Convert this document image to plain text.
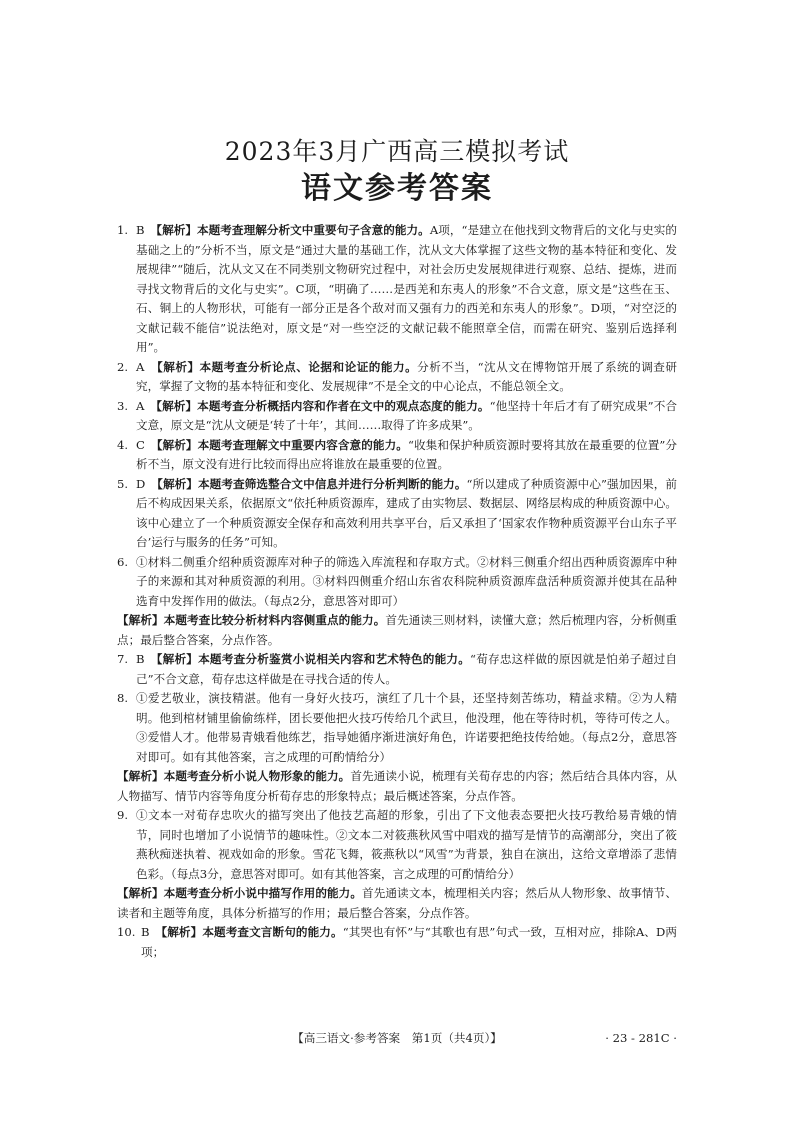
2023年3月广西高三模拟考试
语文参考答案
1. B　 【解析】本题考查理解分析文中重要句子含意的能力。A项，“是建立在他找到文物背后的文化与史实的基础之上的”分析不当，原文是“通过大量的基础工作，沈从文大体掌握了这些文物的基本特征和变化、发展规律”“随后，沈从文又在不同类别文物研究过程中，对社会历史发展规律进行观察、总结、提炼，进而寻找文物背后的文化与史实”。C项，“明确了……是西羌和东夷人的形象”不合文意，原文是“这些在玉、石、铜上的人物形状，可能有一部分正是各个敌对而又强有力的西羌和东夷人的形象”。D项，“对空泛的文献记载不能信”说法绝对，原文是“对一些空泛的文献记载不能照章全信，而需在研究、鉴别后选择利用”。
2. A　 【解析】本题考查分析论点、论据和论证的能力。分析不当，“沈从文在博物馆开展了系统的调查研究，掌握了文物的基本特征和变化、发展规律”不是全文的中心论点，不能总领全文。
3. A　 【解析】本题考查分析概括内容和作者在文中的观点态度的能力。“他坚持十年后才有了研究成果”不合文意，原文是“沈从文硬是‘转了十年’，其间……取得了许多成果”。
4. C　 【解析】本题考查理解文中重要内容含意的能力。“收集和保护种质资源时要将其放在最重要的位置”分析不当，原文没有进行比较而得出应将谁放在最重要的位置。
5. D　 【解析】本题考查筛选整合文中信息并进行分析判断的能力。“所以建成了种质资源中心”强加因果，前后不构成因果关系，依据原文“依托种质资源库，建成了由实物层、数据层、网络层构成的种质资源中心。该中心建立了一个种质资源安全保存和高效利用共享平台，后又承担了‘国家农作物种质资源平台山东子平台’运行与服务的任务”可知。
6. ①材料二侧重介绍种质资源库对种子的筛选入库流程和存取方式。②材料三侧重介绍出西种质资源库中种子的来源和其对种质资源的利用。③材料四侧重介绍山东省农科院种质资源库盘活种质资源并使其在品种选育中发挥作用的做法。（每点2分，意思答对即可）
【解析】本题考查比较分析材料内容侧重点的能力。首先通读三则材料，读懂大意；然后梳理内容，分析侧重点；最后整合答案，分点作答。
7. B　 【解析】本题考查分析鉴赏小说相关内容和艺术特色的能力。“荀存忠这样做的原因就是怕弟子超过自己”不合文意，荀存忠这样做是在寻找合适的传人。
8. ①爱艺敬业，演技精湛。他有一身好火技巧，演红了几十个县，还坚持刻苦练功，精益求精。②为人精明。他到棺材铺里偷偷练样，团长要他把火技巧传给几个武旦，他没理，他在等待时机，等待可传之人。③爱惜人才。他带易青娥看他练艺，指导她循序渐进演好角色，许诺要把绝技传给她。（每点2分，意思答对即可。如有其他答案，言之成理的可酌情给分）
【解析】本题考查分析小说人物形象的能力。首先通读小说，梳理有关荀存忠的内容；然后结合具体内容，从人物描写、情节内容等角度分析荀存忠的形象特点；最后概述答案，分点作答。
9. ①文本一对荀存忠吹火的描写突出了他技艺高超的形象，引出了下文他表态要把火技巧教给易青娥的情节，同时也增加了小说情节的趣味性。②文本二对筱燕秋风雪中唱戏的描写是情节的高潮部分，突出了筱燕秋痴迷执着、视戏如命的形象。雪花飞舞，筱燕秋以“风雪”为背景，独自在演出，这给文章增添了悲情色彩。（每点3分，意思答对即可。如有其他答案，言之成理的可酌情给分）
【解析】本题考查分析小说中描写作用的能力。首先通读文本，梳理相关内容；然后从人物形象、故事情节、读者和主题等角度，具体分析描写的作用；最后整合答案，分点作答。
10. B　 【解析】本题考查文言断句的能力。“其哭也有怀”与“其歌也有思”句式一致，互相对应，排除A、D两项；
【高三语文·参考答案　第1页（共4页）】	· 23 - 281C ·
